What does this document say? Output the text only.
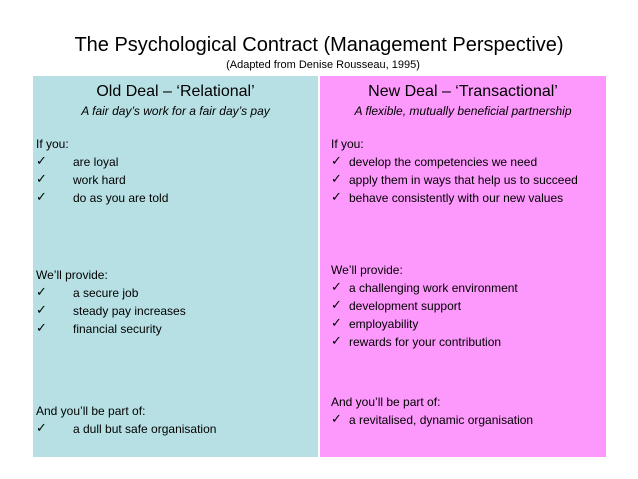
The Psychological Contract (Management Perspective)
(Adapted from Denise Rousseau, 1995)
Old Deal – ‘Relational’
A fair day’s work for a fair day’s pay
If you:
✓ are loyal
✓ work hard
✓ do as you are told
We’ll provide:
✓ a secure job
✓ steady pay increases
✓ financial security
And you’ll be part of:
✓ a dull but safe organisation
New Deal – ‘Transactional’
A flexible, mutually beneficial partnership
If you:
✓ develop the competencies we need
✓ apply them in ways that help us to succeed
✓ behave consistently with our new values
We’ll provide:
✓ a challenging work environment
✓ development support
✓ employability
✓ rewards for your contribution
And you’ll be part of:
✓ a revitalised, dynamic organisation
